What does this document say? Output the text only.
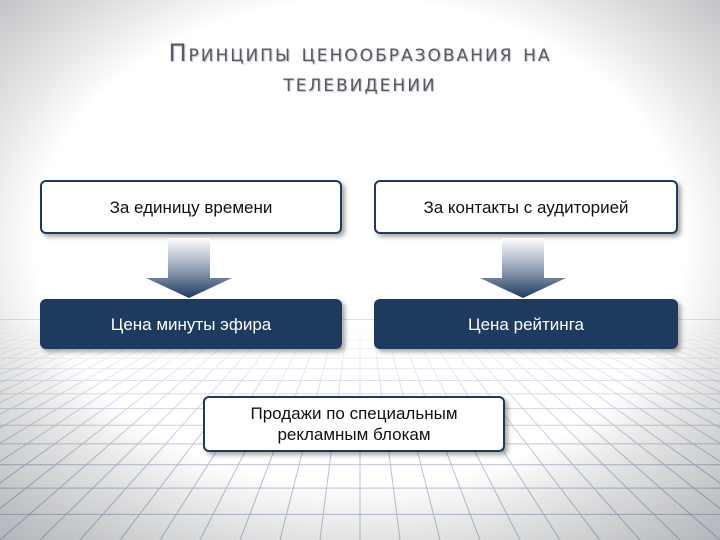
Принципы ценообразования на
телевидении
За единицу времени	За контакты с аудиторией
Цена минуты эфира	Цена рейтинга
Продажи по специальным
рекламным блокам
